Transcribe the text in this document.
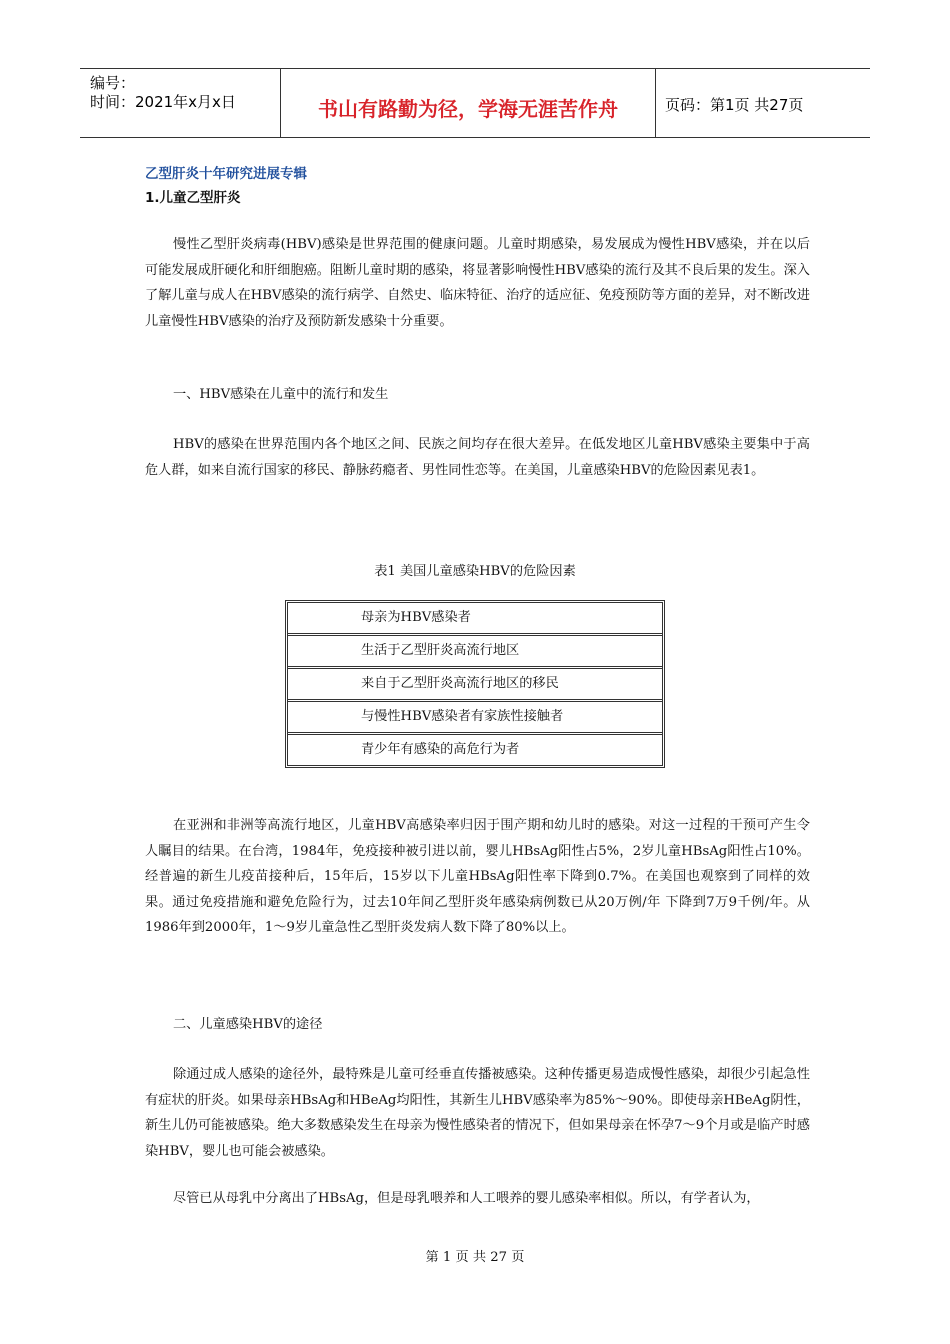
编号：
时间：2021年x月x日	书山有路勤为径，学海无涯苦作舟	页码：第1页 共27页
乙型肝炎十年研究进展专辑
1.儿童乙型肝炎

慢性乙型肝炎病毒(HBV)感染是世界范围的健康问题。儿童时期感染，易发展成为慢性HBV感染，并在以后可能发展成肝硬化和肝细胞癌。阻断儿童时期的感染，将显著影响慢性HBV感染的流行及其不良后果的发生。深入了解儿童与成人在HBV感染的流行病学、自然史、临床特征、治疗的适应征、免疫预防等方面的差异，对不断改进儿童慢性HBV感染的治疗及预防新发感染十分重要。

一、HBV感染在儿童中的流行和发生

HBV的感染在世界范围内各个地区之间、民族之间均存在很大差异。在低发地区儿童HBV感染主要集中于高危人群，如来自流行国家的移民、静脉药瘾者、男性同性恋等。在美国，儿童感染HBV的危险因素见表1。

表1 美国儿童感染HBV的危险因素
母亲为HBV感染者
生活于乙型肝炎高流行地区
来自于乙型肝炎高流行地区的移民
与慢性HBV感染者有家族性接触者
青少年有感染的高危行为者

在亚洲和非洲等高流行地区，儿童HBV高感染率归因于围产期和幼儿时的感染。对这一过程的干预可产生令人瞩目的结果。在台湾，1984年，免疫接种被引进以前，婴儿HBsAg阳性占5%，2岁儿童HBsAg阳性占10%。经普遍的新生儿疫苗接种后，15年后，15岁以下儿童HBsAg阳性率下降到0.7%。在美国也观察到了同样的效果。通过免疫措施和避免危险行为，过去10年间乙型肝炎年感染病例数已从20万例/年 下降到7万9千例/年。从1986年到2000年，1～9岁儿童急性乙型肝炎发病人数下降了80%以上。

二、儿童感染HBV的途径

除通过成人感染的途径外，最特殊是儿童可经垂直传播被感染。这种传播更易造成慢性感染，却很少引起急性有症状的肝炎。如果母亲HBsAg和HBeAg均阳性，其新生儿HBV感染率为85%～90%。即使母亲HBeAg阴性，新生儿仍可能被感染。绝大多数感染发生在母亲为慢性感染者的情况下，但如果母亲在怀孕7～9个月或是临产时感染HBV，婴儿也可能会被感染。

尽管已从母乳中分离出了HBsAg，但是母乳喂养和人工喂养的婴儿感染率相似。所以，有学者认为，

第 1 页 共 27 页
